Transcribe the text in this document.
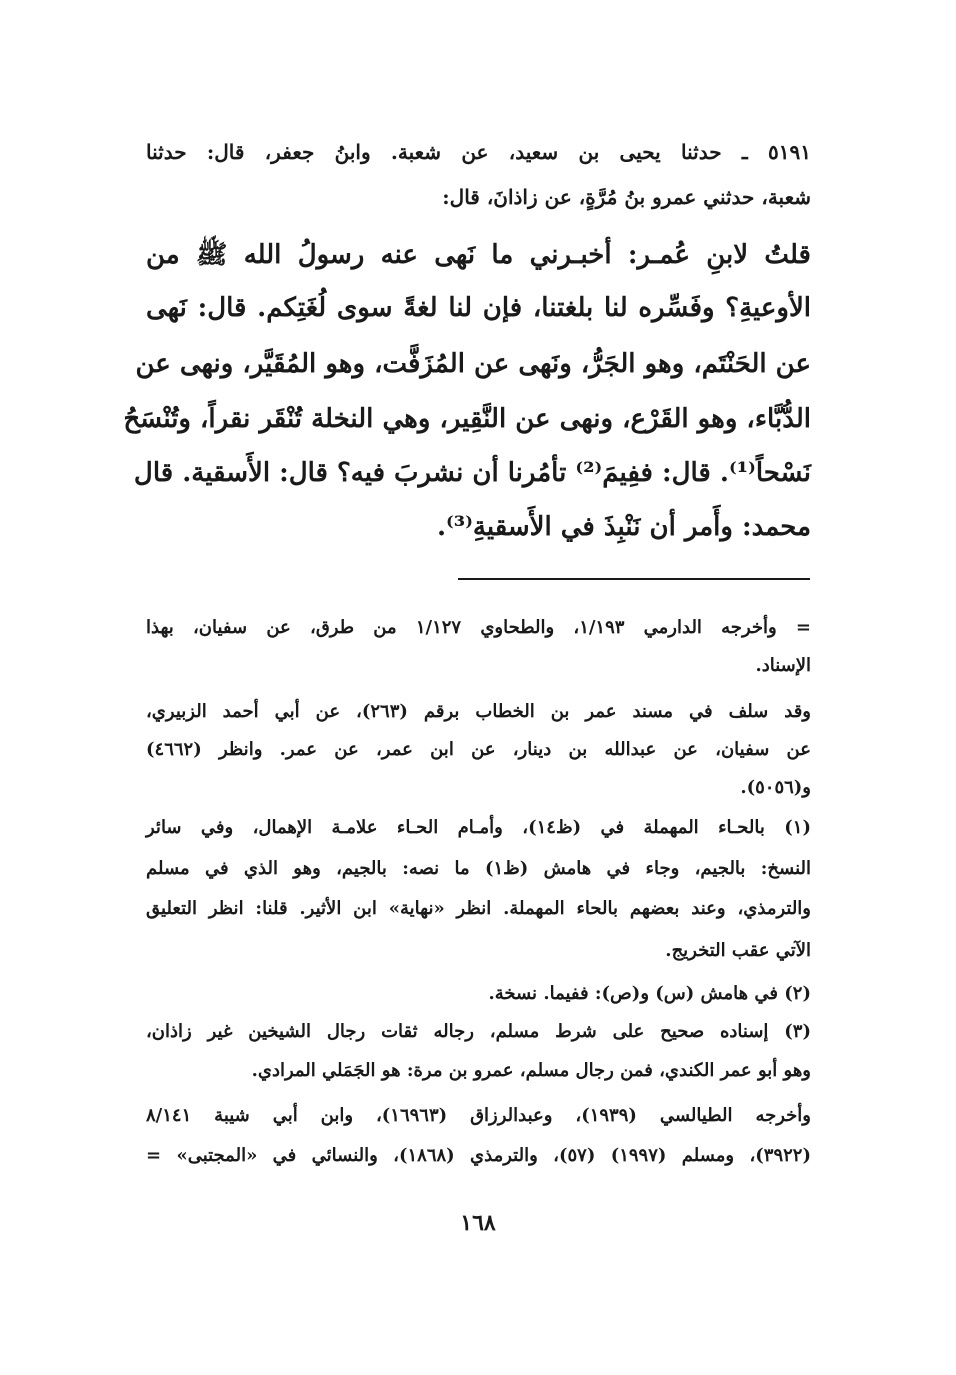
٥١٩١ ـ حدثنا يحيى بن سعيد، عن شعبة. وابنُ جعفر، قال: حدثنا
شعبة، حدثني عمرو بنُ مُرَّةٍ، عن زاذانَ، قال:
قلتُ لابنِ عُمـر: أخبـرني ما نَهى عنه رسولُ الله ﷺ من
الأوعيةِ؟ وفَسِّره لنا بلغتنا، فإن لنا لغةً سوى لُغَتِكم. قال: نَهى
عن الحَنْتَم، وهو الجَرُّ، ونَهى عن المُزَفَّت، وهو المُقَيَّر، ونهى عن
الدُّبَّاء، وهو القَرْع، ونهى عن النَّقِير، وهي النخلة تُنْقَر نقراً، وتُنْسَحُ
نَسْحاً⁽¹⁾. قال: ففِيمَ⁽²⁾ تأمُرنا أن نشربَ فيه؟ قال: الأَسقية. قال
محمد: وأَمر أن نَنْبِذَ في الأَسقيةِ⁽³⁾.
= وأخرجه الدارمي ١/١٩٣، والطحاوي ١/١٢٧ من طرق، عن سفيان، بهذا
الإسناد.
وقد سلف في مسند عمر بن الخطاب برقم (٢٦٣)، عن أبي أحمد الزبيري،
عن سفيان، عن عبدالله بن دينار، عن ابن عمر، عن عمر. وانظر (٤٦٦٢)
و(٥٠٥٦).
(١) بالحـاء المهملة في (ظ١٤)، وأمـام الحـاء علامـة الإهمال، وفي سائر
النسخ: بالجيم، وجاء في هامش (ظ١) ما نصه: بالجيم، وهو الذي في مسلم
والترمذي، وعند بعضهم بالحاء المهملة. انظر «نهاية» ابن الأثير. قلنا: انظر التعليق
الآتي عقب التخريج.
(٢) في هامش (س) و(ص): ففيما. نسخة.
(٣) إسناده صحيح على شرط مسلم، رجاله ثقات رجال الشيخين غير زاذان،
وهو أبو عمر الكندي، فمن رجال مسلم، عمرو بن مرة: هو الجَمَلي المرادي.
وأخرجه الطيالسي (١٩٣٩)، وعبدالرزاق (١٦٩٦٣)، وابن أبي شيبة ٨/١٤١
(٣٩٢٢)، ومسلم (١٩٩٧) (٥٧)، والترمذي (١٨٦٨)، والنسائي في «المجتبى» =
١٦٨
